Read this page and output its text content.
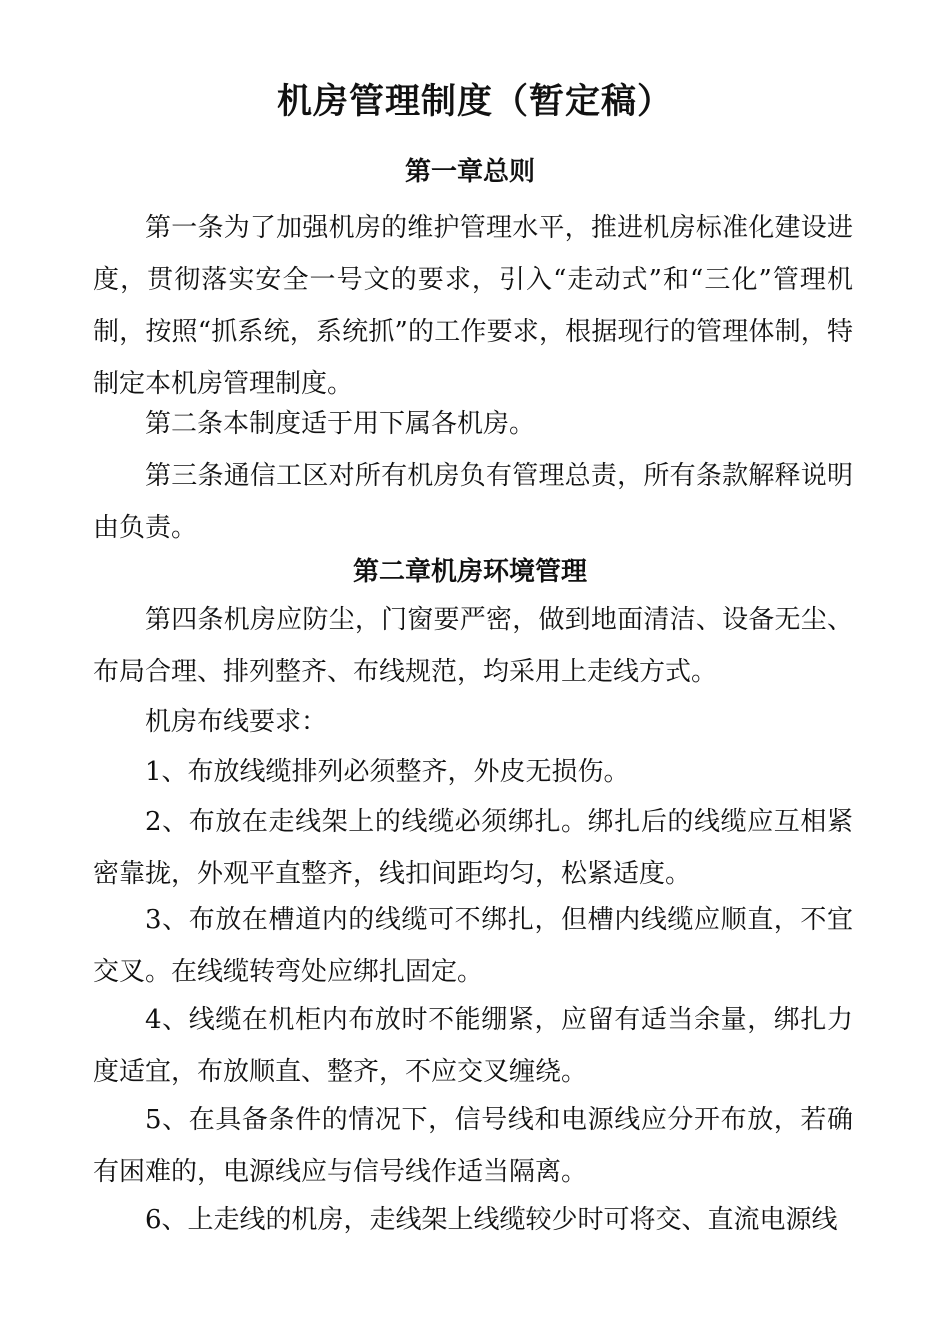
机房管理制度（暂定稿）
第一章总则

第一条为了加强机房的维护管理水平，推进机房标准化建设进度，贯彻落实安全一号文的要求，引入“走动式”和“三化”管理机制，按照“抓系统，系统抓”的工作要求，根据现行的管理体制，特制定本机房管理制度。

第二条本制度适于用下属各机房。

第三条通信工区对所有机房负有管理总责，所有条款解释说明由负责。

第二章机房环境管理

第四条机房应防尘，门窗要严密，做到地面清洁、设备无尘、布局合理、排列整齐、布线规范，均采用上走线方式。

机房布线要求：

1、布放线缆排列必须整齐，外皮无损伤。

2、布放在走线架上的线缆必须绑扎。绑扎后的线缆应互相紧密靠拢，外观平直整齐，线扣间距均匀，松紧适度。

3、布放在槽道内的线缆可不绑扎，但槽内线缆应顺直，不宜交叉。在线缆转弯处应绑扎固定。

4、线缆在机柜内布放时不能绷紧，应留有适当余量，绑扎力度适宜，布放顺直、整齐，不应交叉缠绕。

5、在具备条件的情况下，信号线和电源线应分开布放，若确有困难的，电源线应与信号线作适当隔离。

6、上走线的机房，走线架上线缆较少时可将交、直流电源线
